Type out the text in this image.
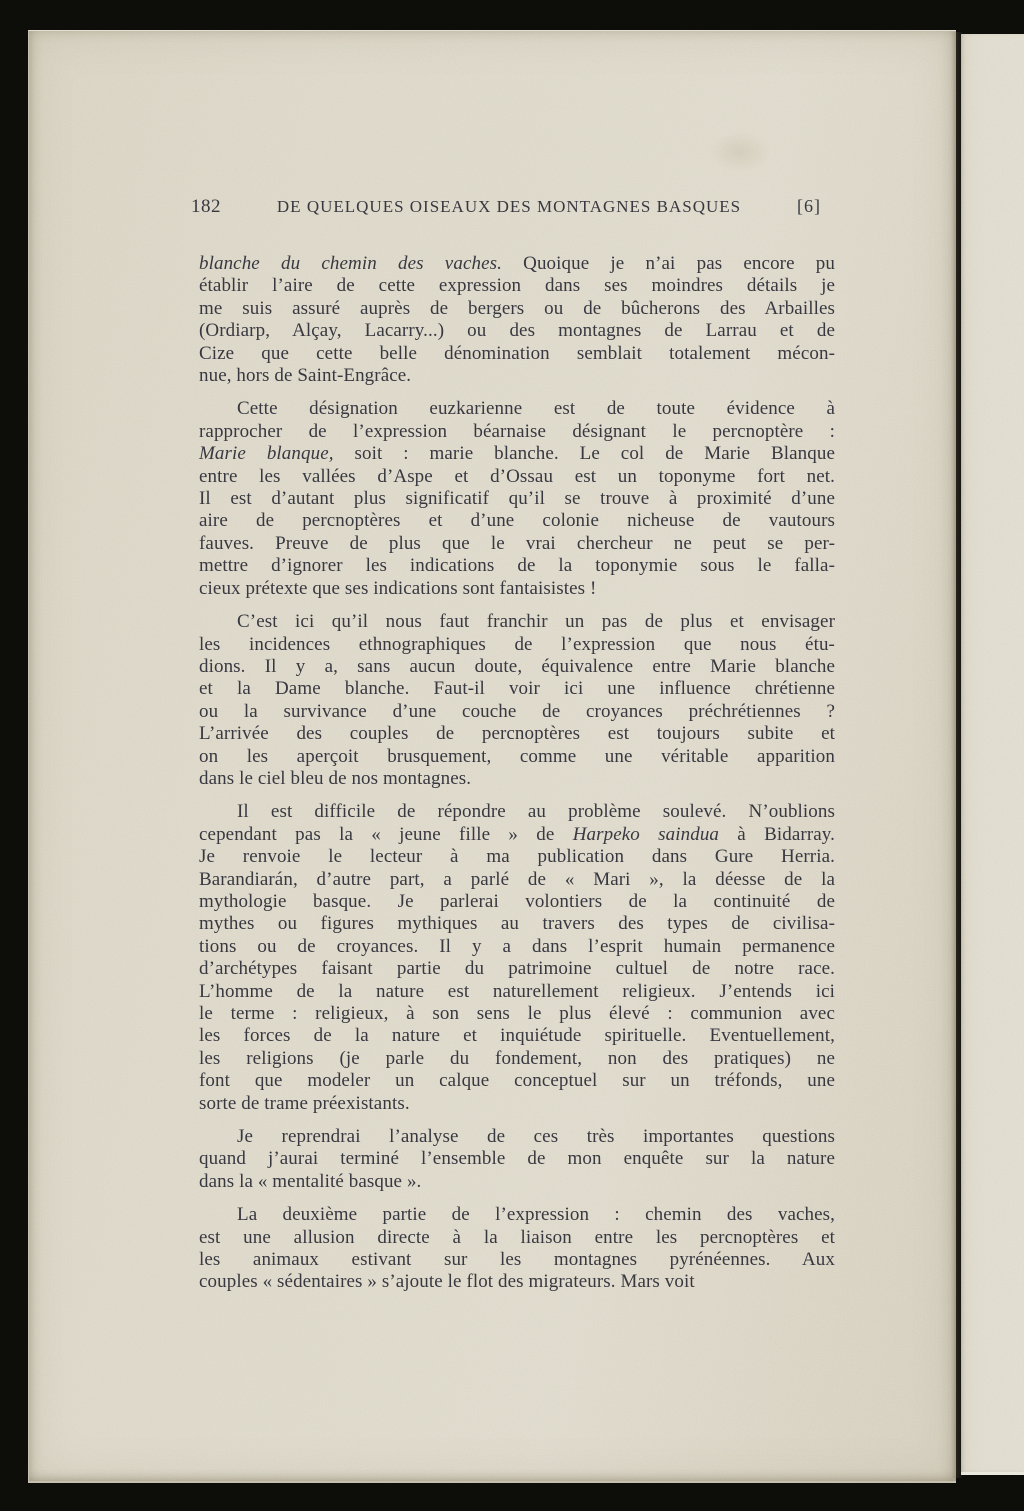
182	DE QUELQUES OISEAUX DES MONTAGNES BASQUES	[6]
blanche du chemin des vaches. Quoique je n’ai pas encore pu
établir l’aire de cette expression dans ses moindres détails je
me suis assuré auprès de bergers ou de bûcherons des Arbailles
(Ordiarp, Alçay, Lacarry...) ou des montagnes de Larrau et de
Cize que cette belle dénomination semblait totalement mécon-
nue, hors de Saint-Engrâce.
Cette désignation euzkarienne est de toute évidence à
rapprocher de l’expression béarnaise désignant le percnoptère :
Marie blanque, soit : marie blanche. Le col de Marie Blanque
entre les vallées d’Aspe et d’Ossau est un toponyme fort net.
Il est d’autant plus significatif qu’il se trouve à proximité d’une
aire de percnoptères et d’une colonie nicheuse de vautours
fauves. Preuve de plus que le vrai chercheur ne peut se per-
mettre d’ignorer les indications de la toponymie sous le falla-
cieux prétexte que ses indications sont fantaisistes !
C’est ici qu’il nous faut franchir un pas de plus et envisager
les incidences ethnographiques de l’expression que nous étu-
dions. Il y a, sans aucun doute, équivalence entre Marie blanche
et la Dame blanche. Faut-il voir ici une influence chrétienne
ou la survivance d’une couche de croyances préchrétiennes ?
L’arrivée des couples de percnoptères est toujours subite et
on les aperçoit brusquement, comme une véritable apparition
dans le ciel bleu de nos montagnes.
Il est difficile de répondre au problème soulevé. N’oublions
cependant pas la « jeune fille » de Harpeko saindua à Bidarray.
Je renvoie le lecteur à ma publication dans Gure Herria.
Barandiarán, d’autre part, a parlé de « Mari », la déesse de la
mythologie basque. Je parlerai volontiers de la continuité de
mythes ou figures mythiques au travers des types de civilisa-
tions ou de croyances. Il y a dans l’esprit humain permanence
d’archétypes faisant partie du patrimoine cultuel de notre race.
L’homme de la nature est naturellement religieux. J’entends ici
le terme : religieux, à son sens le plus élevé : communion avec
les forces de la nature et inquiétude spirituelle. Eventuellement,
les religions (je parle du fondement, non des pratiques) ne
font que modeler un calque conceptuel sur un tréfonds, une
sorte de trame préexistants.
Je reprendrai l’analyse de ces très importantes questions
quand j’aurai terminé l’ensemble de mon enquête sur la nature
dans la « mentalité basque ».
La deuxième partie de l’expression : chemin des vaches,
est une allusion directe à la liaison entre les percnoptères et
les animaux estivant sur les montagnes pyrénéennes. Aux
couples « sédentaires » s’ajoute le flot des migrateurs. Mars voit
